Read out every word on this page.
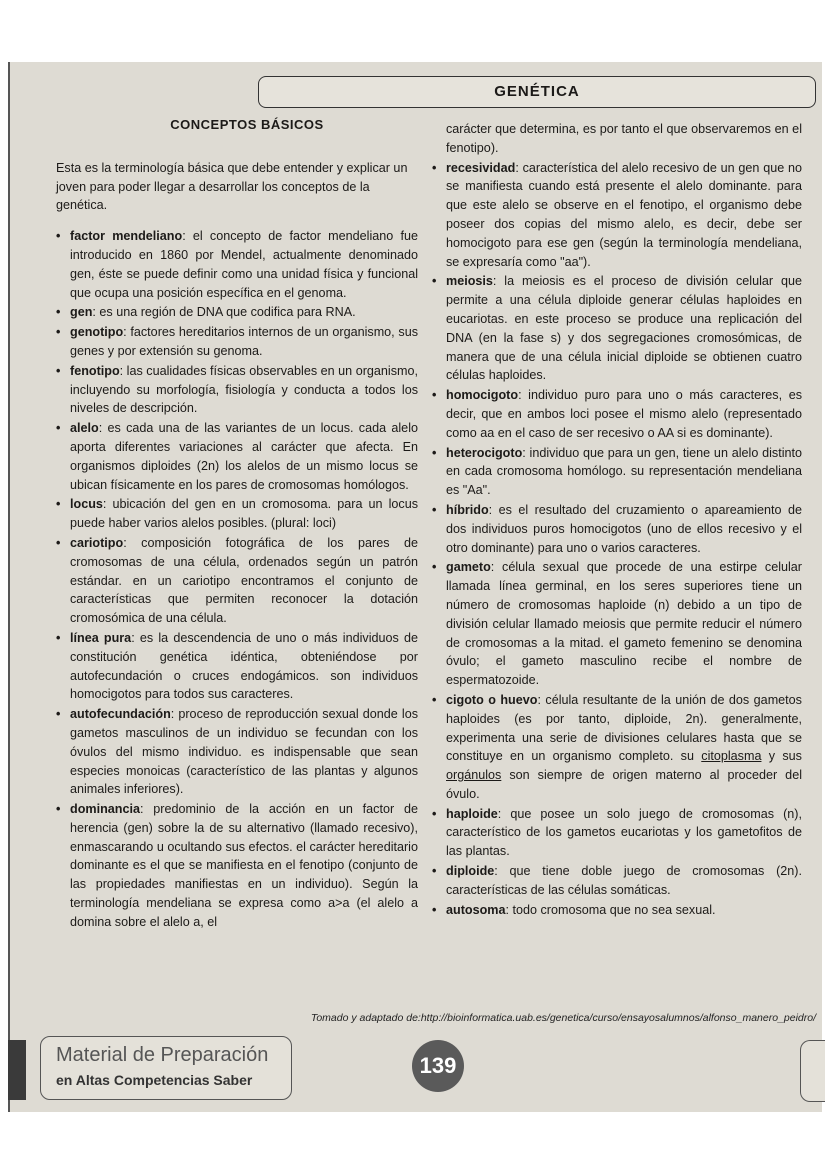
GENÉTICA
CONCEPTOS BÁSICOS
Esta es la terminología básica que debe entender y explicar un joven para poder llegar a desarrollar los conceptos de la genética.
• factor mendeliano: el concepto de factor mendeliano fue introducido en 1860 por Mendel, actualmente denominado gen, éste se puede definir como una unidad física y funcional que ocupa una posición específica en el genoma.
• gen: es una región de DNA que codifica para RNA.
• genotipo: factores hereditarios internos de un organismo, sus genes y por extensión su genoma.
• fenotipo: las cualidades físicas observables en un organismo, incluyendo su morfología, fisiología y conducta a todos los niveles de descripción.
• alelo: es cada una de las variantes de un locus. cada alelo aporta diferentes variaciones al carácter que afecta. En organismos diploides (2n) los alelos de un mismo locus se ubican físicamente en los pares de cromosomas homólogos.
• locus: ubicación del gen en un cromosoma. para un locus puede haber varios alelos posibles. (plural: loci)
• cariotipo: composición fotográfica de los pares de cromosomas de una célula, ordenados según un patrón estándar. en un cariotipo encontramos el conjunto de características que permiten reconocer la dotación cromosómica de una célula.
• línea pura: es la descendencia de uno o más individuos de constitución genética idéntica, obteniéndose por autofecundación o cruces endogámicos. son individuos homocigotos para todos sus caracteres.
• autofecundación: proceso de reproducción sexual donde los gametos masculinos de un individuo se fecundan con los óvulos del mismo individuo. es indispensable que sean especies monoicas (característico de las plantas y algunos animales inferiores).
• dominancia: predominio de la acción en un factor de herencia (gen) sobre la de su alternativo (llamado recesivo), enmascarando u ocultando sus efectos. el carácter hereditario dominante es el que se manifiesta en el fenotipo (conjunto de las propiedades manifiestas en un individuo). Según la terminología mendeliana se expresa como a>a (el alelo a domina sobre el alelo a, el
carácter que determina, es por tanto el que observaremos en el fenotipo).
• recesividad: característica del alelo recesivo de un gen que no se manifiesta cuando está presente el alelo dominante. para que este alelo se observe en el fenotipo, el organismo debe poseer dos copias del mismo alelo, es decir, debe ser homocigoto para ese gen (según la terminología mendeliana, se expresaría como "aa").
• meiosis: la meiosis es el proceso de división celular que permite a una célula diploide generar células haploides en eucariotas. en este proceso se produce una replicación del DNA (en la fase s) y dos segregaciones cromosómicas, de manera que de una célula inicial diploide se obtienen cuatro células haploides.
• homocigoto: individuo puro para uno o más caracteres, es decir, que en ambos loci posee el mismo alelo (representado como aa en el caso de ser recesivo o AA si es dominante).
• heterocigoto: individuo que para un gen, tiene un alelo distinto en cada cromosoma homólogo. su representación mendeliana es "Aa".
• híbrido: es el resultado del cruzamiento o apareamiento de dos individuos puros homocigotos (uno de ellos recesivo y el otro dominante) para uno o varios caracteres.
• gameto: célula sexual que procede de una estirpe celular llamada línea germinal, en los seres superiores tiene un número de cromosomas haploide (n) debido a un tipo de división celular llamado meiosis que permite reducir el número de cromosomas a la mitad. el gameto femenino se denomina óvulo; el gameto masculino recibe el nombre de espermatozoide.
• cigoto o huevo: célula resultante de la unión de dos gametos haploides (es por tanto, diploide, 2n). generalmente, experimenta una serie de divisiones celulares hasta que se constituye en un organismo completo. su citoplasma y sus orgánulos son siempre de origen materno al proceder del óvulo.
• haploide: que posee un solo juego de cromosomas (n), característico de los gametos eucariotas y los gametofitos de las plantas.
• diploide: que tiene doble juego de cromosomas (2n). características de las células somáticas.
• autosoma: todo cromosoma que no sea sexual.
Tomado y adaptado de:http://bioinformatica.uab.es/genetica/curso/ensayosalumnos/alfonso_manero_peidro/
Material de Preparación
en Altas Competencias Saber
139
